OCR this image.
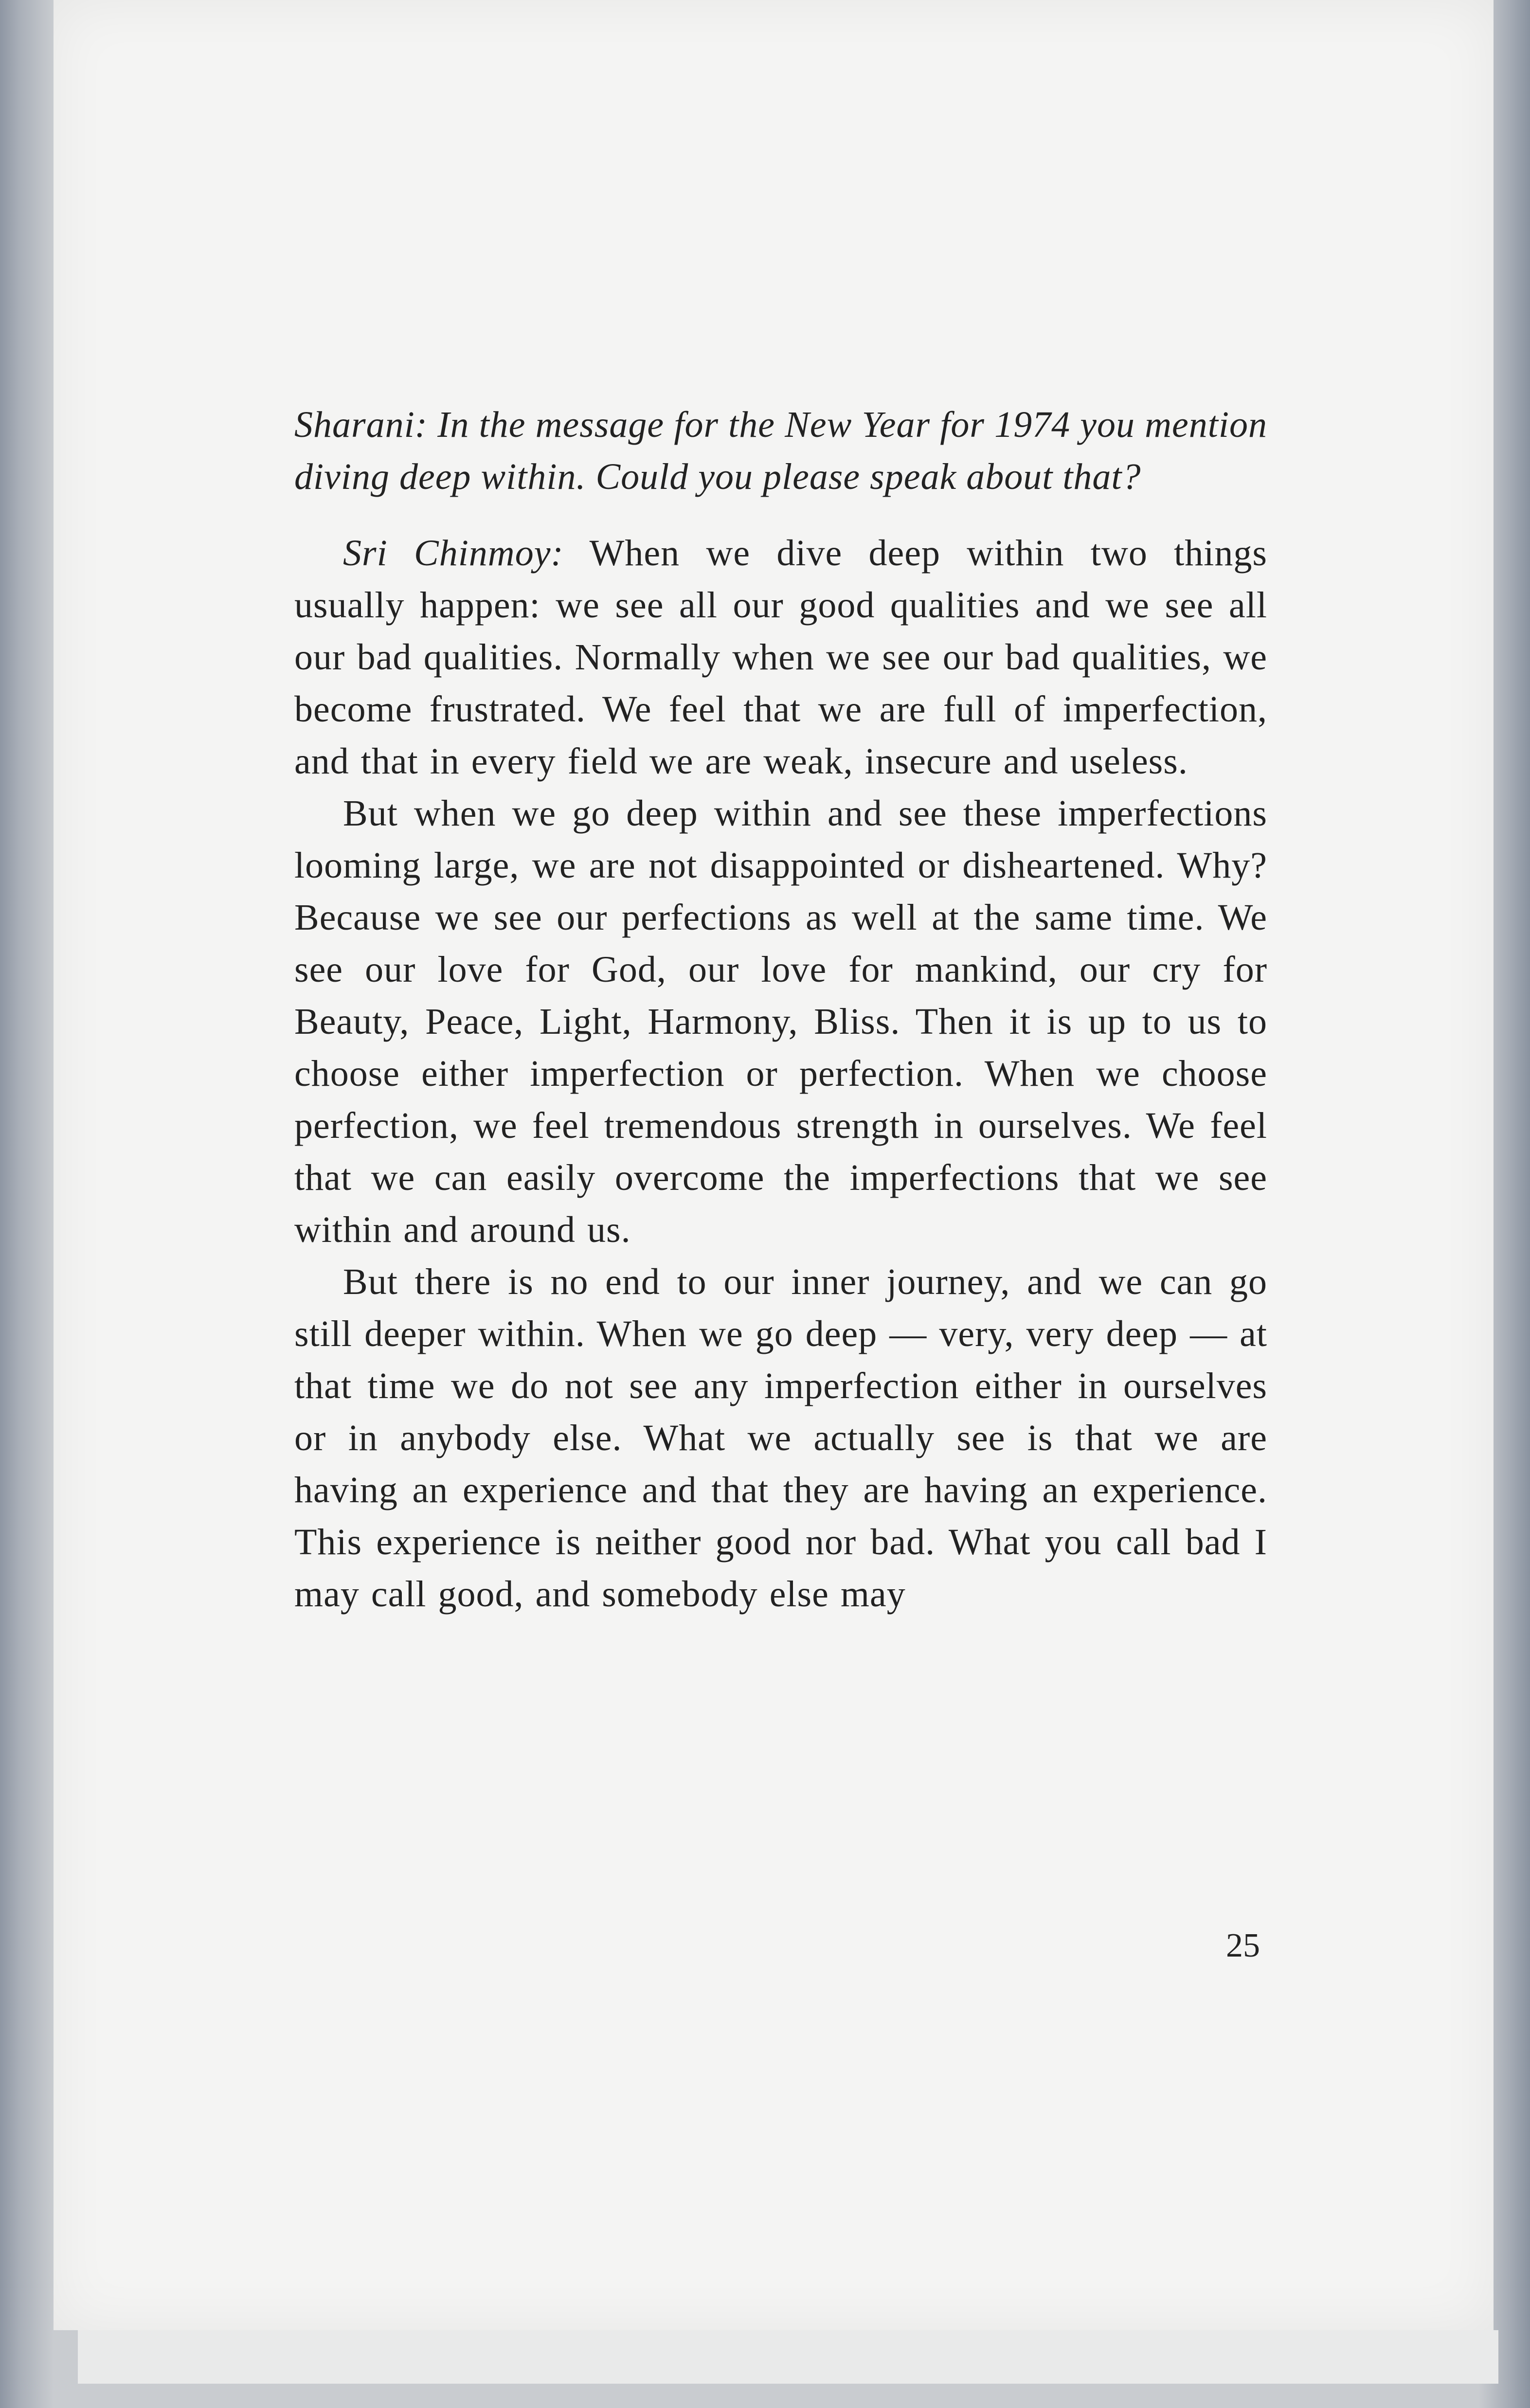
Sharani: In the message for the New Year for 1974 you mention diving deep within. Could you please speak about that?

Sri Chinmoy: When we dive deep within two things usually happen: we see all our good qualities and we see all our bad qualities. Normally when we see our bad qualities, we become frustrated. We feel that we are full of imperfection, and that in every field we are weak, insecure and useless.

But when we go deep within and see these imperfections looming large, we are not disappointed or disheartened. Why? Because we see our perfections as well at the same time. We see our love for God, our love for mankind, our cry for Beauty, Peace, Light, Harmony, Bliss. Then it is up to us to choose either imperfection or perfection. When we choose perfection, we feel tremendous strength in ourselves. We feel that we can easily overcome the imperfections that we see within and around us.

But there is no end to our inner journey, and we can go still deeper within. When we go deep — very, very deep — at that time we do not see any imperfection either in ourselves or in anybody else. What we actually see is that we are having an experience and that they are having an experience. This experience is neither good nor bad. What you call bad I may call good, and somebody else may

25
